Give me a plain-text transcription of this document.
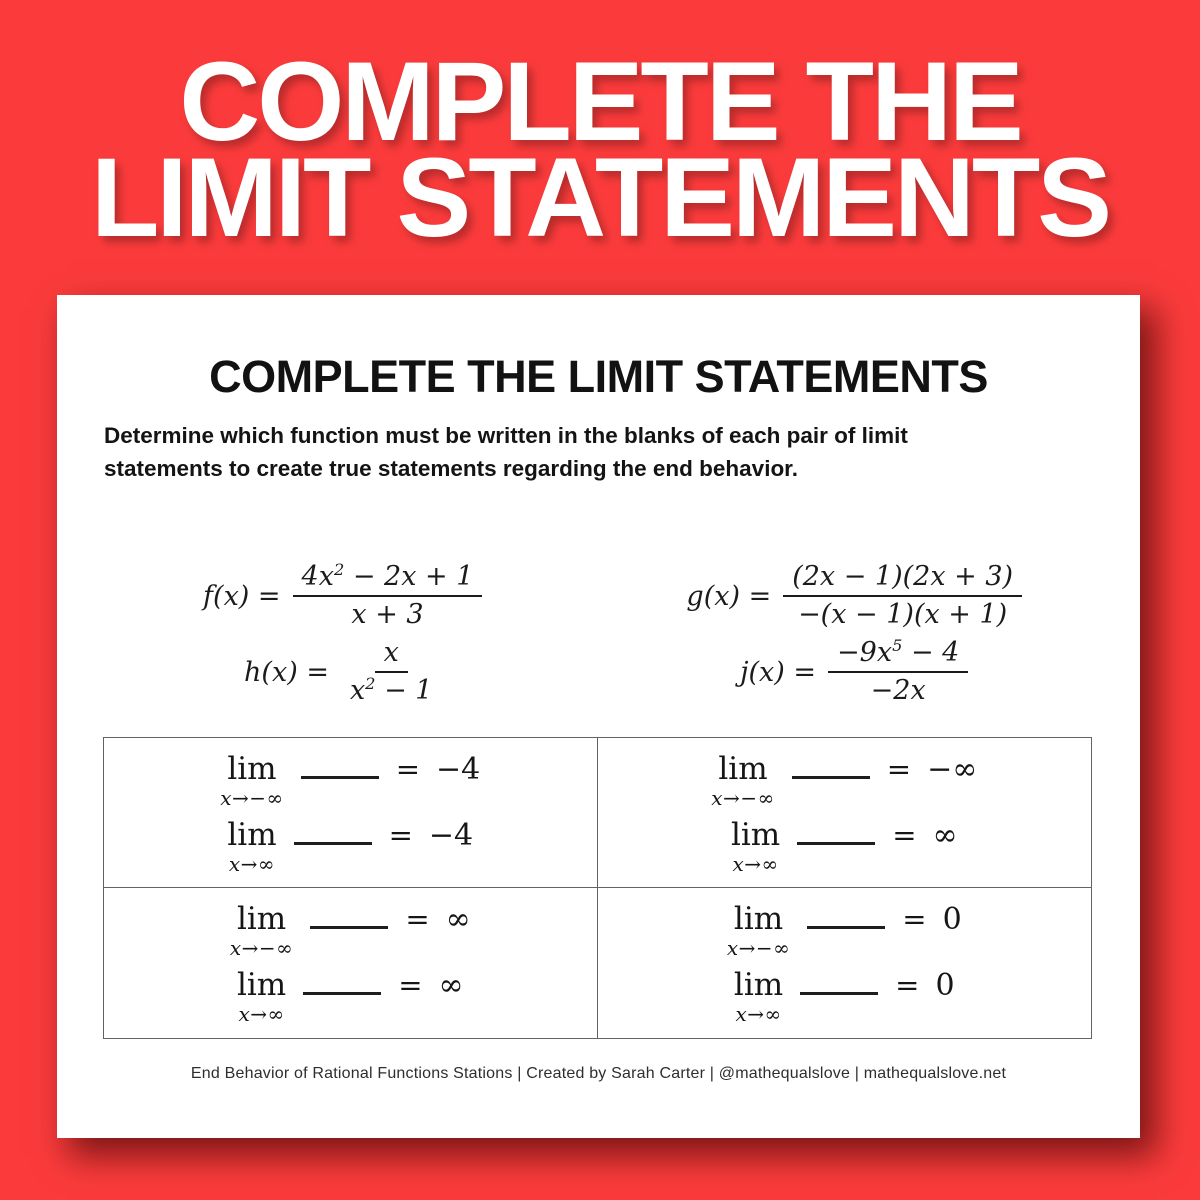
COMPLETE THE
LIMIT STATEMENTS
COMPLETE THE LIMIT STATEMENTS
Determine which function must be written in the blanks of each pair of limit
statements to create true statements regarding the end behavior.
$f(x) = \frac{4x^2 - 2x + 1}{x + 3}$	$g(x) = \frac{(2x - 1)(2x + 3)}{-(x - 1)(x + 1)}$
$h(x) = \frac{x}{x^2 - 1}$	$j(x) = \frac{-9x^5 - 4}{-2x}$
lim
x→−∞
= −4
lim
x→∞
= −4
lim
x→−∞
= −∞
lim
x→∞
= ∞
lim
x→−∞
= ∞
lim
x→∞
= ∞
lim
x→−∞
= 0
lim
x→∞
= 0
End Behavior of Rational Functions Stations | Created by Sarah Carter | @mathequalslove | mathequalslove.net
